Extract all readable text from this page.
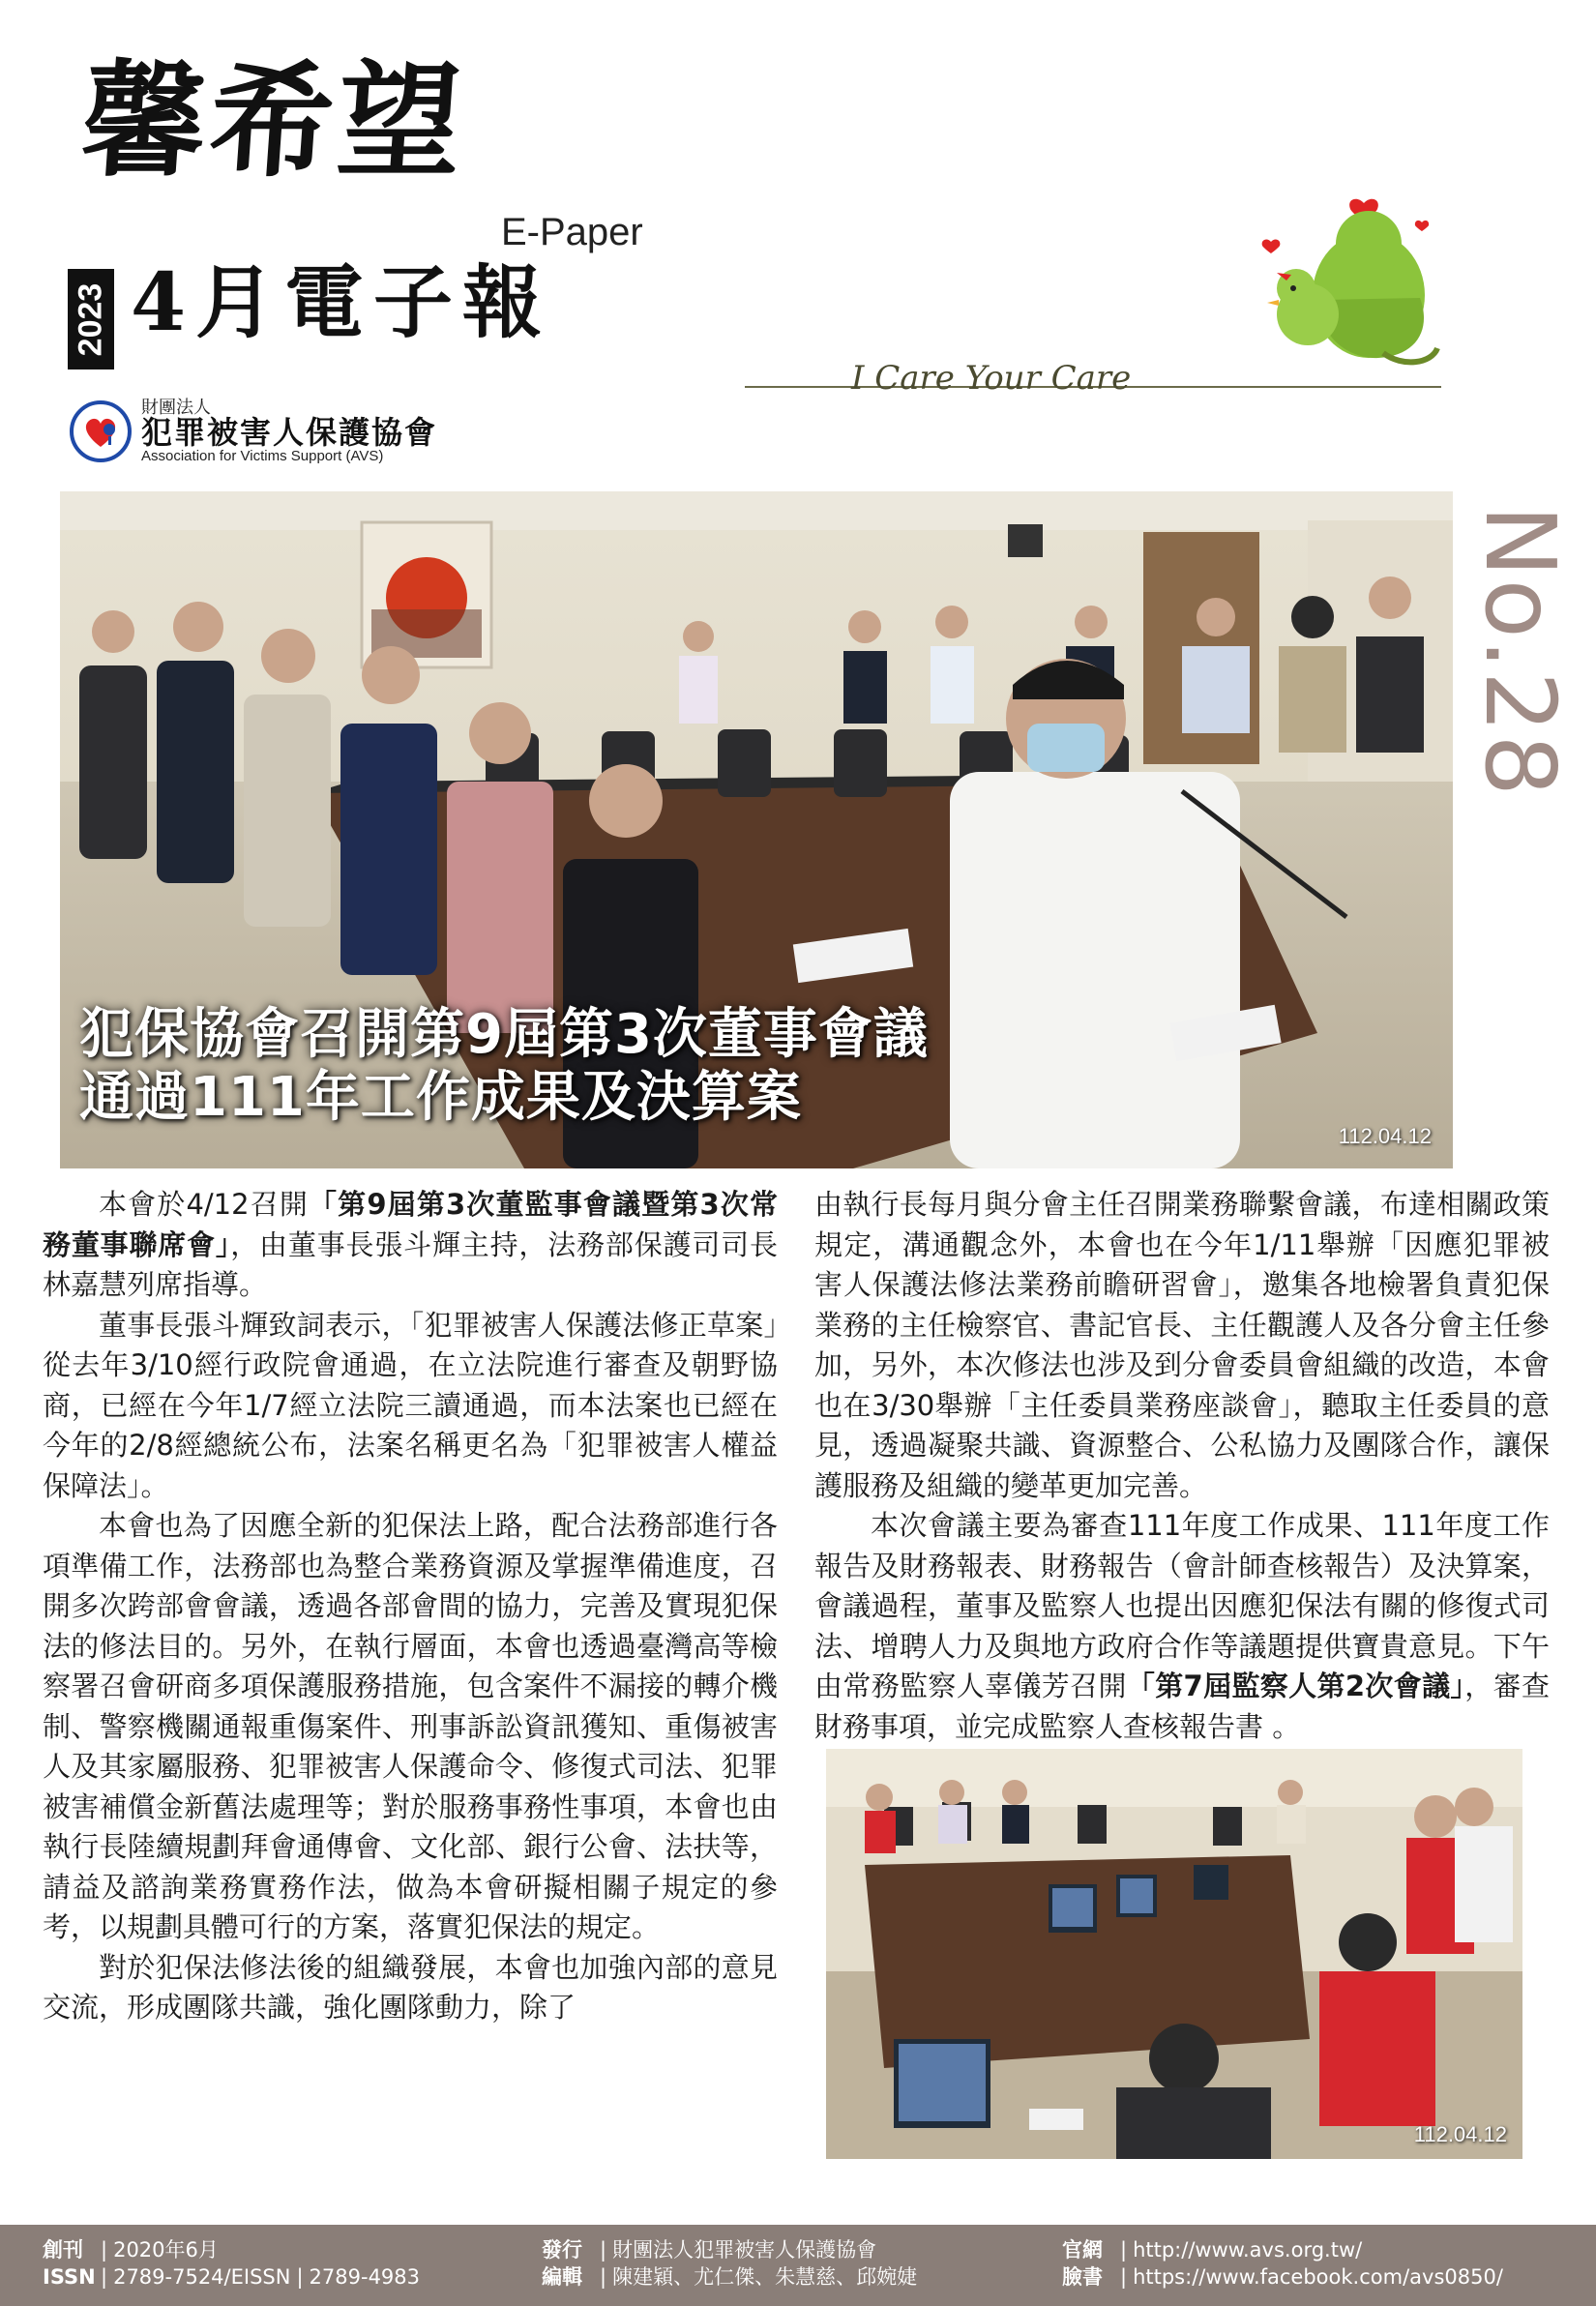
馨希望
E-Paper
2023 4月電子報
財團法人
犯罪被害人保護協會
Association for Victims Support (AVS)
I Care Your Care
犯保協會召開第9屆第3次董事會議
通過111年工作成果及決算案
112.04.12
No.28

本會於4/12召開「第9屆第3次董監事會議暨第3次常務董事聯席會」，由董事長張斗輝主持，法務部保護司司長林嘉慧列席指導。

董事長張斗輝致詞表示，「犯罪被害人保護法修正草案」從去年3/10經行政院會通過，在立法院進行審查及朝野協商，已經在今年1/7經立法院三讀通過，而本法案也已經在今年的2/8經總統公布，法案名稱更名為「犯罪被害人權益保障法」。

本會也為了因應全新的犯保法上路，配合法務部進行各項準備工作，法務部也為整合業務資源及掌握準備進度，召開多次跨部會會議，透過各部會間的協力，完善及實現犯保法的修法目的。另外，在執行層面，本會也透過臺灣高等檢察署召會研商多項保護服務措施，包含案件不漏接的轉介機制、警察機關通報重傷案件、刑事訴訟資訊獲知、重傷被害人及其家屬服務、犯罪被害人保護命令、修復式司法、犯罪被害補償金新舊法處理等；對於服務事務性事項，本會也由執行長陸續規劃拜會通傳會、文化部、銀行公會、法扶等，請益及諮詢業務實務作法，做為本會研擬相關子規定的參考，以規劃具體可行的方案，落實犯保法的規定。

對於犯保法修法後的組織發展，本會也加強內部的意見交流，形成團隊共識，強化團隊動力，除了

由執行長每月與分會主任召開業務聯繫會議，布達相關政策規定，溝通觀念外，本會也在今年1/11舉辦「因應犯罪被害人保護法修法業務前瞻研習會」，邀集各地檢署負責犯保業務的主任檢察官、書記官長、主任觀護人及各分會主任參加，另外，本次修法也涉及到分會委員會組織的改造，本會也在3/30舉辦「主任委員業務座談會」，聽取主任委員的意見，透過凝聚共識、資源整合、公私協力及團隊合作，讓保護服務及組織的變革更加完善。

本次會議主要為審查111年度工作成果、111年度工作報告及財務報表、財務報告（會計師查核報告）及決算案，會議過程，董事及監察人也提出因應犯保法有關的修復式司法、增聘人力及與地方政府合作等議題提供寶貴意見。下午由常務監察人辜儀芳召開「第7屆監察人第2次會議」，審查財務事項，並完成監察人查核報告書 。

112.04.12
創刊 | 2020年6月
ISSN | 2789-7524/EISSN | 2789-4983
發行 | 財團法人犯罪被害人保護協會
編輯 | 陳建穎、尤仁傑、朱慧慈、邱婉婕
官網 | http://www.avs.org.tw/
臉書 | https://www.facebook.com/avs0850/
